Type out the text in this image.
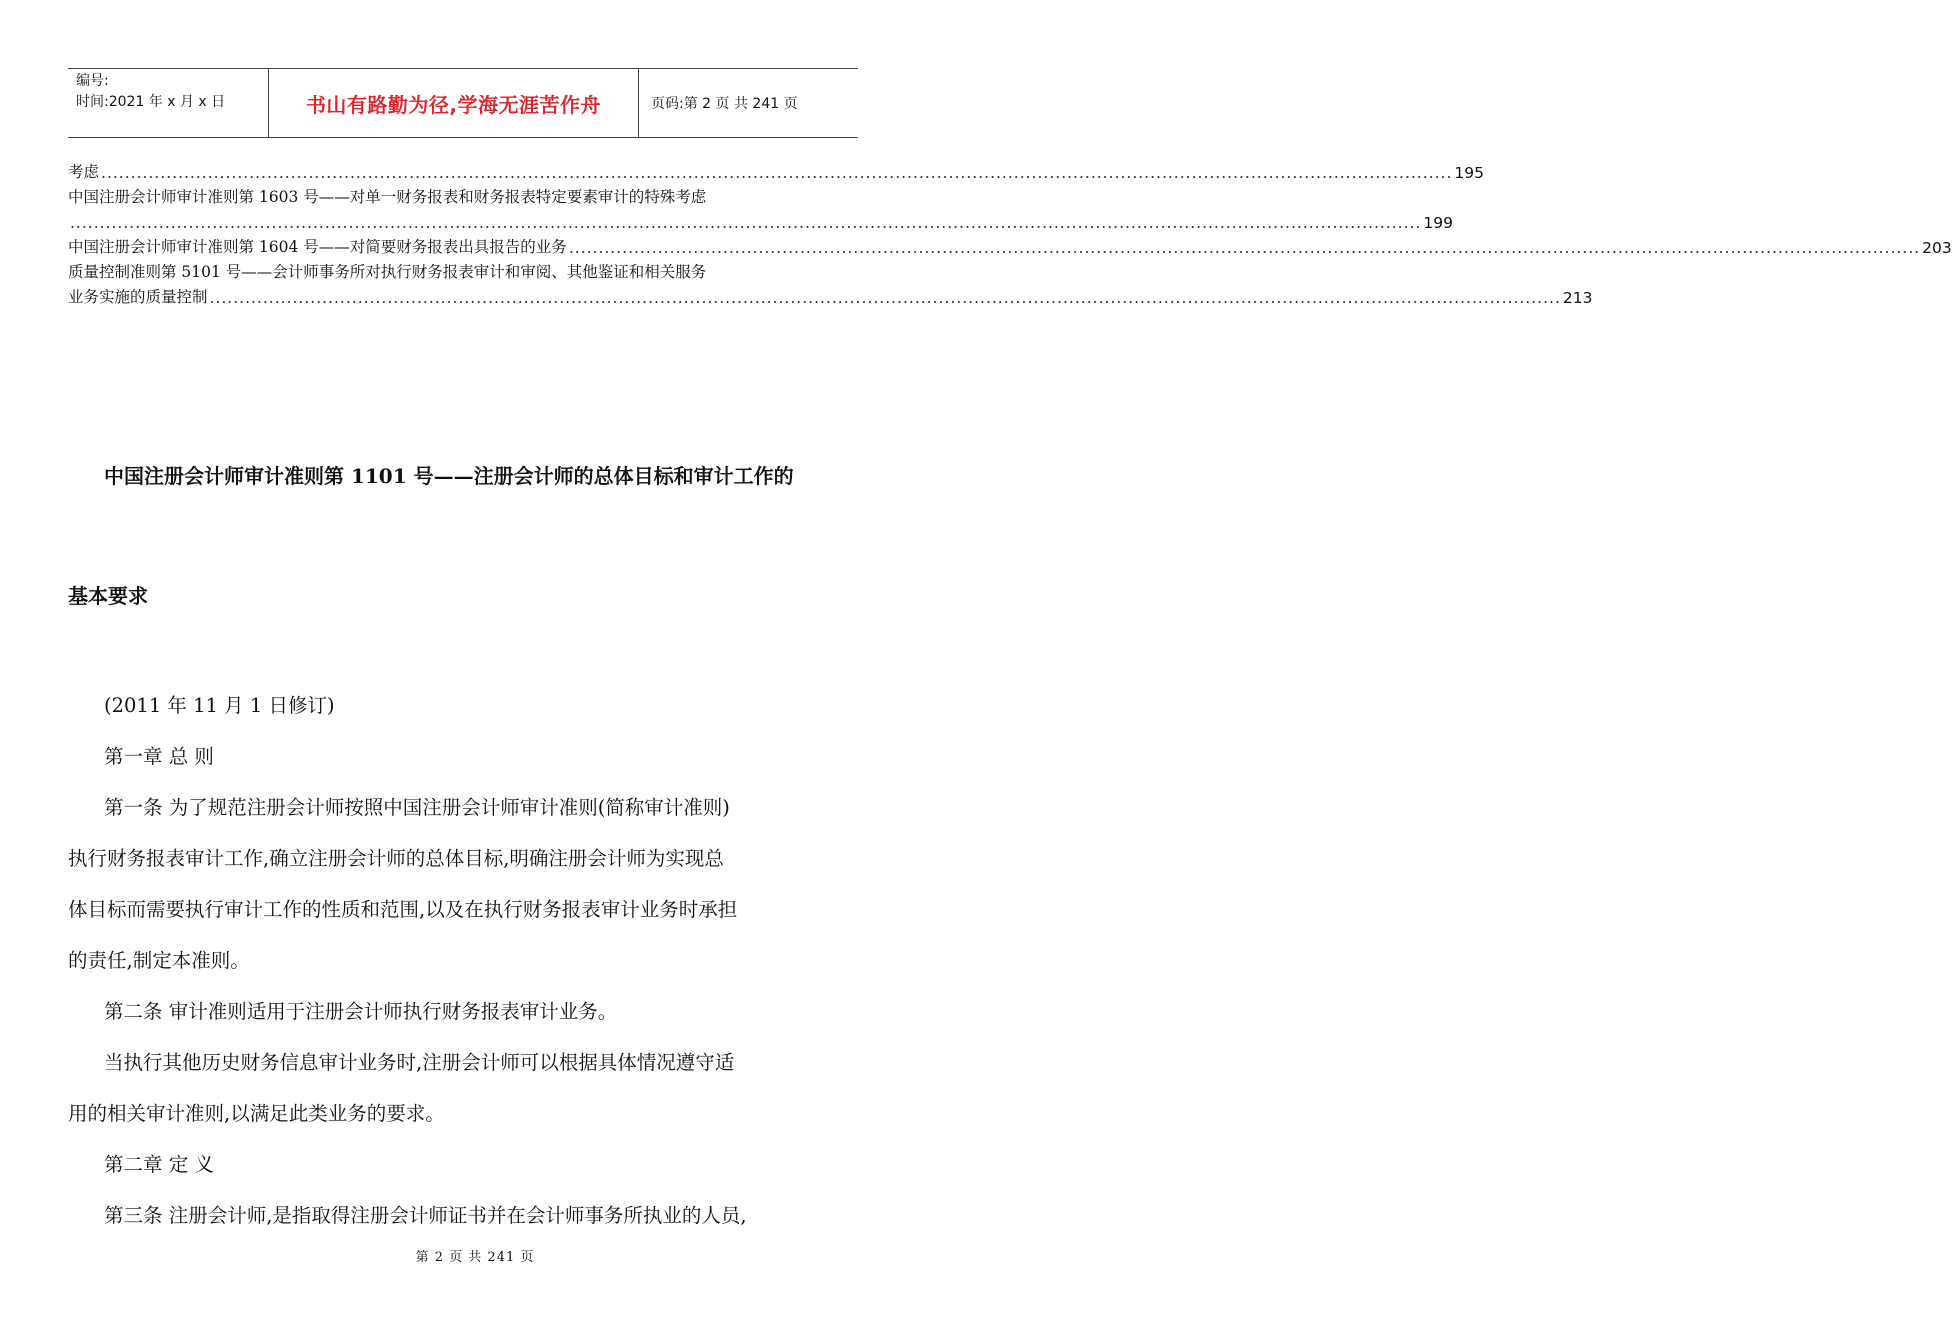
编号:
时间:2021 年 x 月 x 日	书山有路勤为径,学海无涯苦作舟	页码:第 2 页 共 241 页
考虑 .................................................................................................................................................................................................................................... 195
中国注册会计师审计准则第 1603 号——对单一财务报表和财务报表特定要素审计的特殊考虑
.................................................................................................................................................................................................................................... 199
中国注册会计师审计准则第 1604 号——对简要财务报表出具报告的业务 .................................................................................................................................................................................................................................... 203
质量控制准则第 5101 号——会计师事务所对执行财务报表审计和审阅、其他鉴证和相关服务
业务实施的质量控制 .................................................................................................................................................................................................................................... 213
中国注册会计师审计准则第 1101 号——注册会计师的总体目标和审计工作的
基本要求
(2011 年 11 月 1 日修订)
第一章 总 则
第一条 为了规范注册会计师按照中国注册会计师审计准则(简称审计准则)
执行财务报表审计工作,确立注册会计师的总体目标,明确注册会计师为实现总
体目标而需要执行审计工作的性质和范围,以及在执行财务报表审计业务时承担
的责任,制定本准则。
第二条 审计准则适用于注册会计师执行财务报表审计业务。
当执行其他历史财务信息审计业务时,注册会计师可以根据具体情况遵守适
用的相关审计准则,以满足此类业务的要求。
第二章 定 义
第三条 注册会计师,是指取得注册会计师证书并在会计师事务所执业的人员,
第 2 页 共 241 页
